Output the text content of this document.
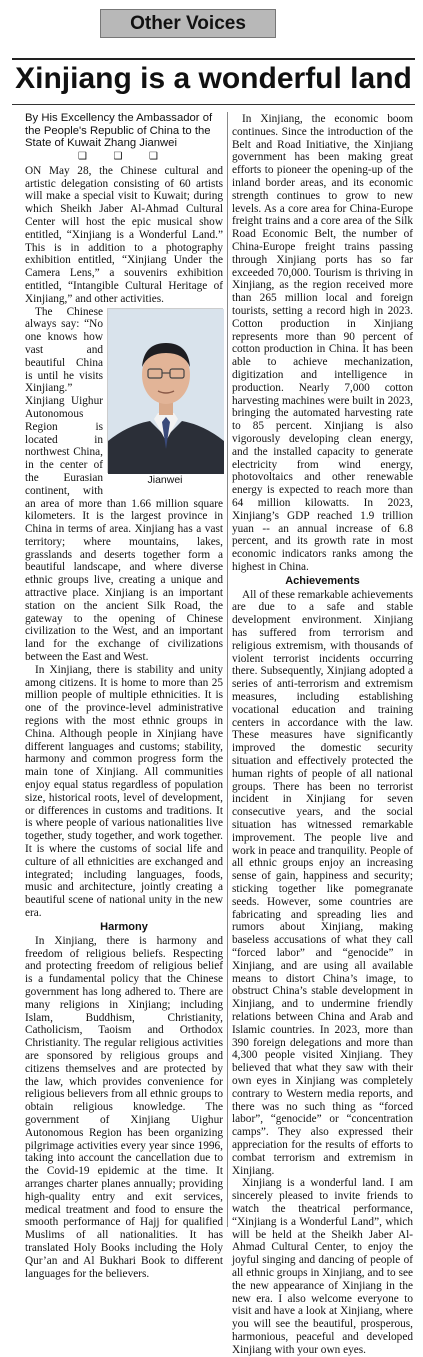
Other Voices
Xinjiang is a wonderful land
By His Excellency the Ambassador of the People's Republic of China to the State of Kuwait Zhang Jianwei
❑ ❑ ❑

ON May 28, the Chinese cultural and artistic delegation consisting of 60 artists will make a special visit to Kuwait; during which Sheikh Jaber Al-Ahmad Cultural Center will host the epic musical show entitled, “Xinjiang is a Wonderful Land.” This is in addition to a photography exhibition entitled, “Xinjiang Under the Camera Lens,” a souvenirs exhibition entitled, “Intangible Cultural Heritage of Xinjiang,” and other activities.

Jianwei

The Chinese always say: “No one knows how vast and beautiful China is until he visits Xinjiang.” Xinjiang Uighur Autonomous Region is located in northwest China, in the center of the Eurasian continent, with an area of more than 1.66 million square kilometers. It is the largest province in China in terms of area. Xinjiang has a vast territory; where mountains, lakes, grasslands and deserts together form a beautiful landscape, and where diverse ethnic groups live, creating a unique and attractive place. Xinjiang is an important station on the ancient Silk Road, the gateway to the opening of Chinese civilization to the West, and an important land for the exchange of civilizations between the East and West.

In Xinjiang, there is stability and unity among citizens. It is home to more than 25 million people of multiple ethnicities. It is one of the province-level administrative regions with the most ethnic groups in China. Although people in Xinjiang have different languages and customs; stability, harmony and common progress form the main tone of Xinjiang. All communities enjoy equal status regardless of population size, historical roots, level of development, or differences in customs and traditions. It is where people of various nationalities live together, study together, and work together. It is where the customs of social life and culture of all ethnicities are exchanged and integrated; including languages, foods, music and architecture, jointly creating a beautiful scene of national unity in the new era.

Harmony

In Xinjiang, there is harmony and freedom of religious beliefs. Respecting and protecting freedom of religious belief is a fundamental policy that the Chinese government has long adhered to. There are many religions in Xinjiang; including Islam, Buddhism, Christianity, Catholicism, Taoism and Orthodox Christianity. The regular religious activities are sponsored by religious groups and citizens themselves and are protected by the law, which provides convenience for religious believers from all ethnic groups to obtain religious knowledge. The government of Xinjiang Uighur Autonomous Region has been organizing pilgrimage activities every year since 1996, taking into account the cancellation due to the Covid-19 epidemic at the time. It arranges charter planes annually; providing high-quality entry and exit services, medical treatment and food to ensure the smooth performance of Hajj for qualified Muslims of all nationalities. It has translated Holy Books including the Holy Qur’an and Al Bukhari Book to different languages for the believers.

In Xinjiang, the economic boom continues. Since the introduction of the Belt and Road Initiative, the Xinjiang government has been making great efforts to pioneer the opening-up of the inland border areas, and its economic strength continues to grow to new levels. As a core area for China-Europe freight trains and a core area of the Silk Road Economic Belt, the number of China-Europe freight trains passing through Xinjiang ports has so far exceeded 70,000. Tourism is thriving in Xinjiang, as the region received more than 265 million local and foreign tourists, setting a record high in 2023. Cotton production in Xinjiang represents more than 90 percent of cotton production in China. It has been able to achieve mechanization, digitization and intelligence in production. Nearly 7,000 cotton harvesting machines were built in 2023, bringing the automated harvesting rate to 85 percent. Xinjiang is also vigorously developing clean energy, and the installed capacity to generate electricity from wind energy, photovoltaics and other renewable energy is expected to reach more than 64 million kilowatts. In 2023, Xinjiang’s GDP reached 1.9 trillion yuan -- an annual increase of 6.8 percent, and its growth rate in most economic indicators ranks among the highest in China.

Achievements

All of these remarkable achievements are due to a safe and stable development environment. Xinjiang has suffered from terrorism and religious extremism, with thousands of violent terrorist incidents occurring there. Subsequently, Xinjiang adopted a series of anti-terrorism and extremism measures, including establishing vocational education and training centers in accordance with the law. These measures have significantly improved the domestic security situation and effectively protected the human rights of people of all national groups. There has been no terrorist incident in Xinjiang for seven consecutive years, and the social situation has witnessed remarkable improvement. The people live and work in peace and tranquility. People of all ethnic groups enjoy an increasing sense of gain, happiness and security; sticking together like pomegranate seeds. However, some countries are fabricating and spreading lies and rumors about Xinjiang, making baseless accusations of what they call “forced labor” and “genocide” in Xinjiang, and are using all available means to distort China’s image, to obstruct China’s stable development in Xinjiang, and to undermine friendly relations between China and Arab and Islamic countries. In 2023, more than 390 foreign delegations and more than 4,300 people visited Xinjiang. They believed that what they saw with their own eyes in Xinjiang was completely contrary to Western media reports, and there was no such thing as “forced labor”, “genocide” or “concentration camps”. They also expressed their appreciation for the results of efforts to combat terrorism and extremism in Xinjiang.

Xinjiang is a wonderful land. I am sincerely pleased to invite friends to watch the theatrical performance, “Xinjiang is a Wonderful Land”, which will be held at the Sheikh Jaber Al-Ahmad Cultural Center, to enjoy the joyful singing and dancing of people of all ethnic groups in Xinjiang, and to see the new appearance of Xinjiang in the new era. I also welcome everyone to visit and have a look at Xinjiang, where you will see the beautiful, prosperous, harmonious, peaceful and developed Xinjiang with your own eyes.
